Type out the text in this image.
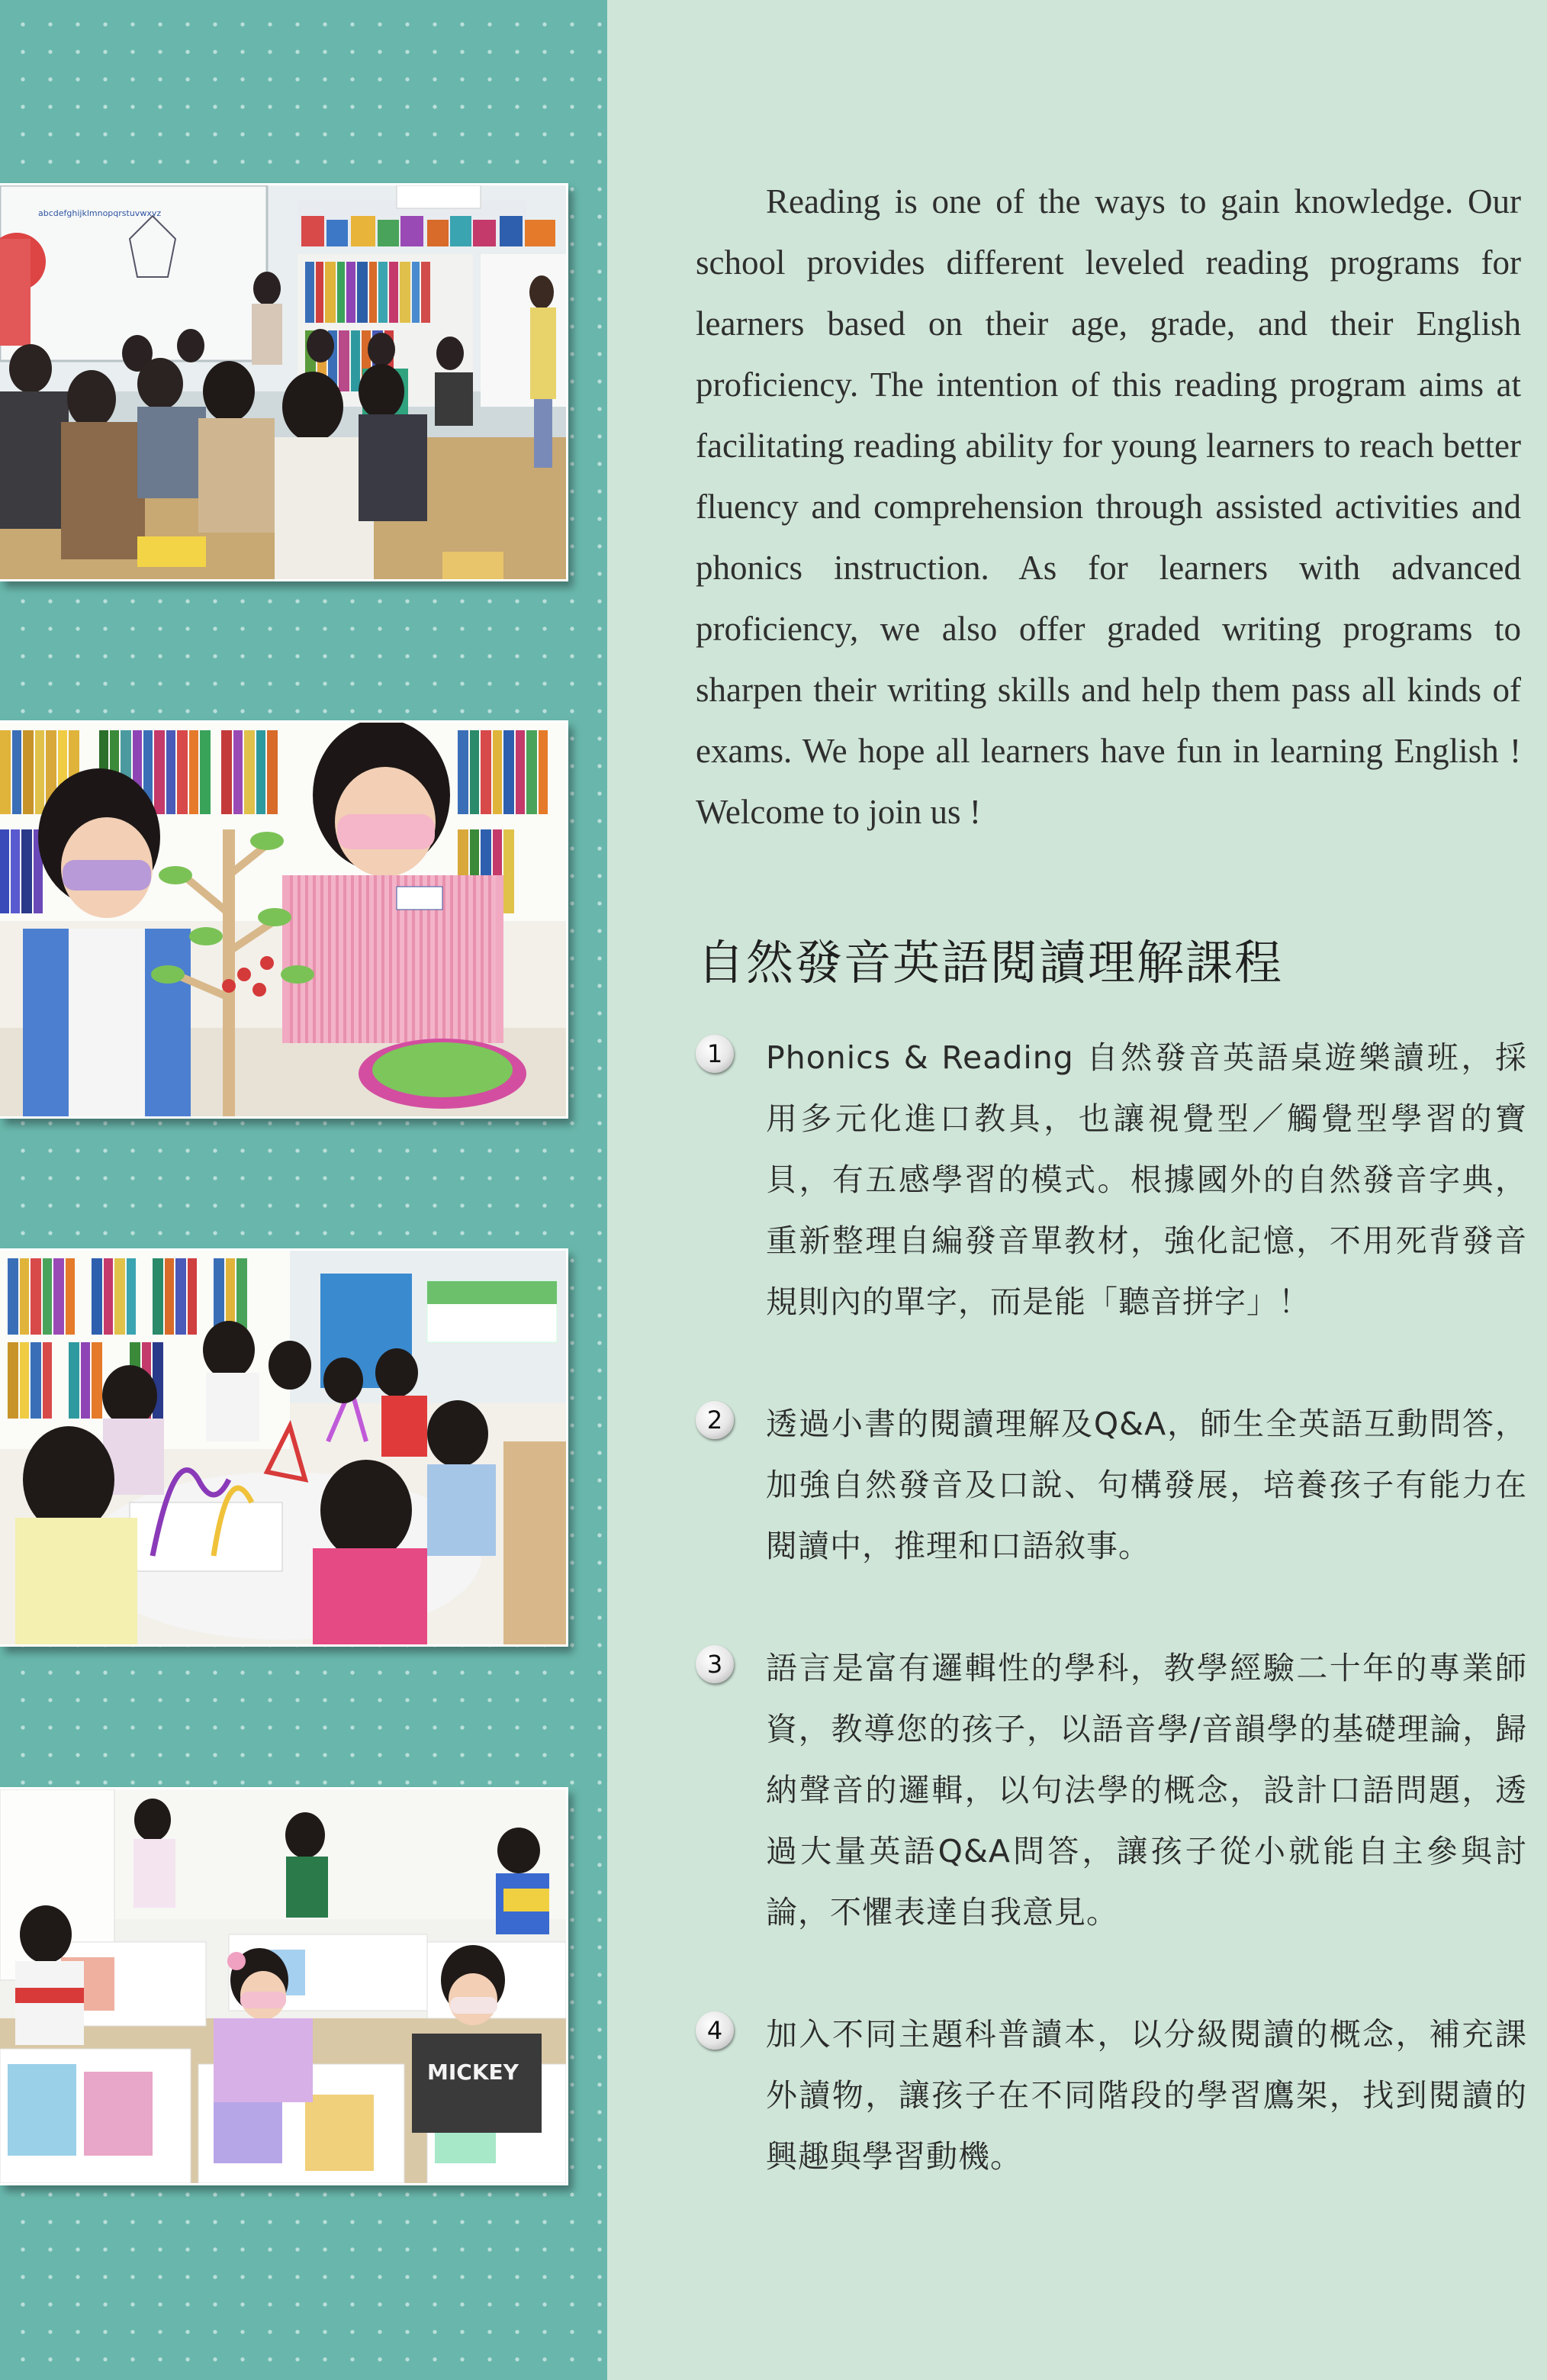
abcdefghijklmnopqrstuvwxyz
MICKEY

Reading is one of the ways to gain knowledge. Our school provides different leveled reading programs for learners based on their age, grade, and their English proficiency. The intention of this reading program aims at facilitating reading ability for young learners to reach better fluency and comprehension through assisted activities and phonics instruction. As for learners with advanced proficiency, we also offer graded writing programs to sharpen their writing skills and help them pass all kinds of exams. We hope all learners have fun in learning English ! Welcome to join us !

自然發音英語閱讀理解課程
1	Phonics & Reading 自然發音英語桌遊樂讀班，採用多元化進口教具，也讓視覺型／觸覺型學習的寶貝，有五感學習的模式。根據國外的自然發音字典，重新整理自編發音單教材，強化記憶，不用死背發音規則內的單字，而是能「聽音拼字」！

2	透過小書的閱讀理解及Q&A，師生全英語互動問答，加強自然發音及口說、句構發展，培養孩子有能力在閱讀中，推理和口語敘事。

3	語言是富有邏輯性的學科，教學經驗二十年的專業師資，教導您的孩子，以語音學/音韻學的基礎理論，歸納聲音的邏輯，以句法學的概念，設計口語問題，透過大量英語Q&A問答，讓孩子從小就能自主參與討論，不懼表達自我意見。

4	加入不同主題科普讀本，以分級閱讀的概念，補充課外讀物，讓孩子在不同階段的學習鷹架，找到閱讀的興趣與學習動機。
